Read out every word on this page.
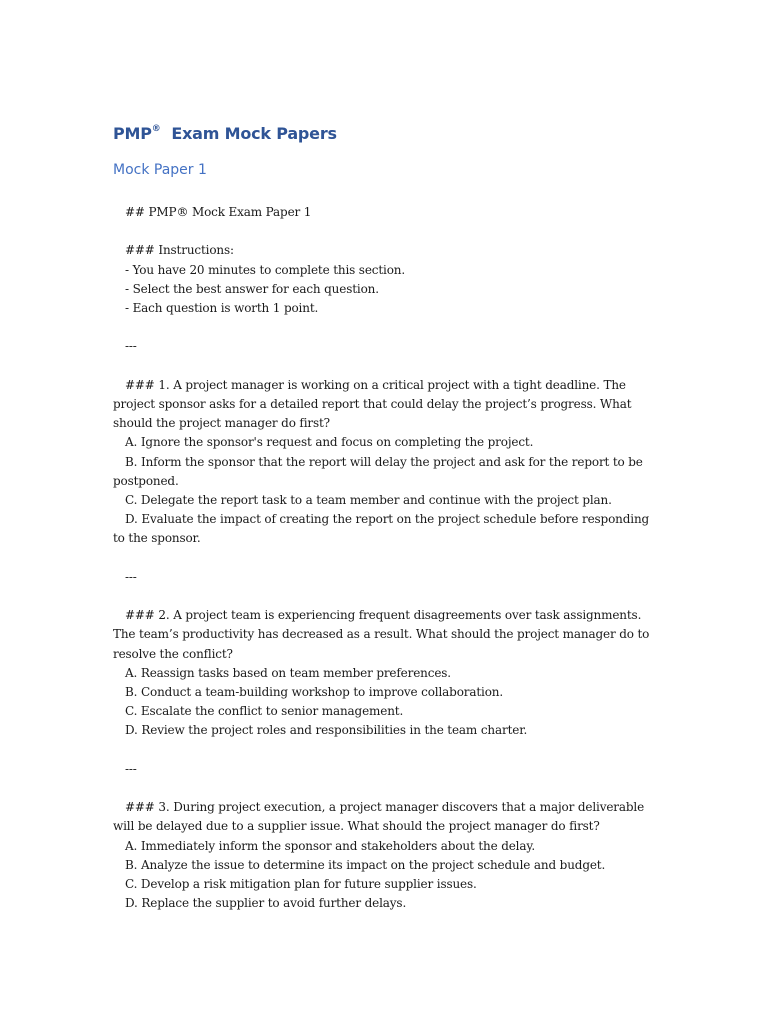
PMP®  Exam Mock Papers
Mock Paper 1

## PMP® Mock Exam Paper 1

### Instructions:

- You have 20 minutes to complete this section.

- Select the best answer for each question.

- Each question is worth 1 point.

---

### 1. A project manager is working on a critical project with a tight deadline. The project sponsor asks for a detailed report that could delay the project’s progress. What should the project manager do first?

A. Ignore the sponsor's request and focus on completing the project.

B. Inform the sponsor that the report will delay the project and ask for the report to be postponed.

C. Delegate the report task to a team member and continue with the project plan.

D. Evaluate the impact of creating the report on the project schedule before responding to the sponsor.

---

### 2. A project team is experiencing frequent disagreements over task assignments. The team’s productivity has decreased as a result. What should the project manager do to resolve the conflict?

A. Reassign tasks based on team member preferences.

B. Conduct a team-building workshop to improve collaboration.

C. Escalate the conflict to senior management.

D. Review the project roles and responsibilities in the team charter.

---

### 3. During project execution, a project manager discovers that a major deliverable will be delayed due to a supplier issue. What should the project manager do first?

A. Immediately inform the sponsor and stakeholders about the delay.

B. Analyze the issue to determine its impact on the project schedule and budget.

C. Develop a risk mitigation plan for future supplier issues.

D. Replace the supplier to avoid further delays.
